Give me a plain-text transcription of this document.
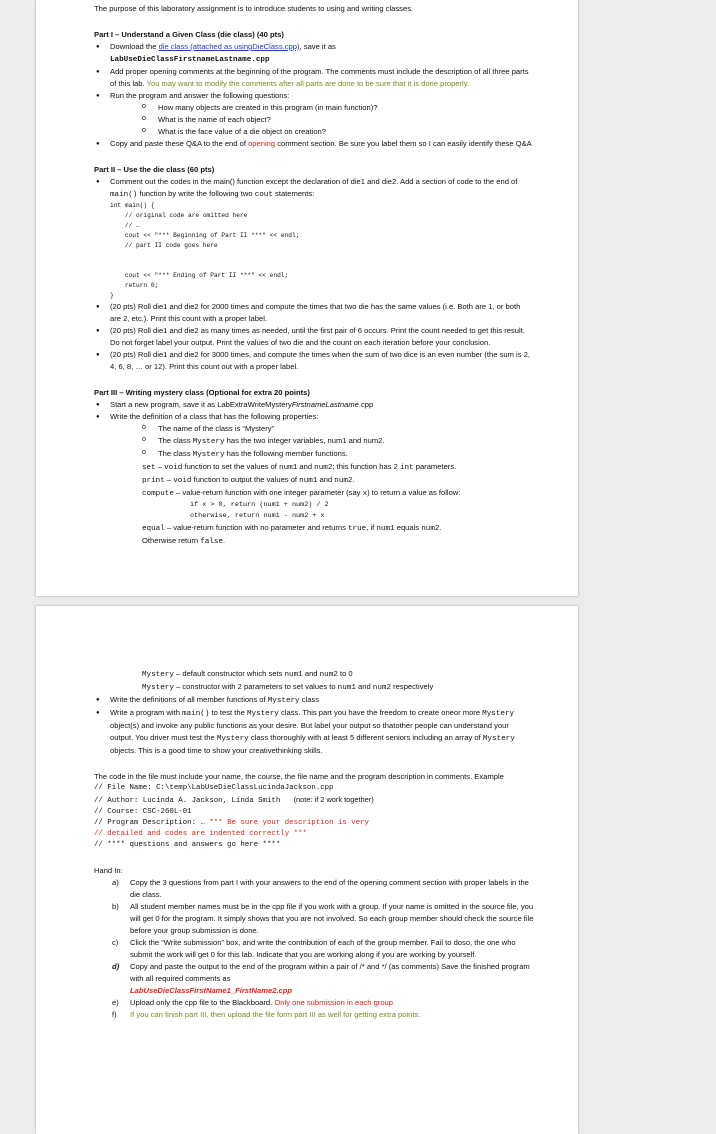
The purpose of this laboratory assignment is to introduce students to using and writing classes.

Part I – Understand a Given Class (die class) (40 pts)

● Download the die class (attached as usingDieClass.cpp), save it as
LabUseDieClassFirstnameLastname.cpp
● Add proper opening comments at the beginning of the program. The comments must include the description of all three parts of this lab. You may want to modify the comments after all parts are done to be sure that it is done properly.
● Run the program and answer the following questions:
o How many objects are created in this program (in main function)?
o What is the name of each object?
o What is the face value of a die object on creation?
● Copy and paste these Q&A to the end of opening comment section. Be sure you label them so I can easily identify these Q&A

Part II – Use the die class (60 pts)

● Comment out the codes in the main() function except the declaration of die1 and die2. Add a section of code to the end of main() function by write the following two cout statements:
int main() {
// original code are omitted here
// …
cout << "*** Beginning of Part II ***" << endl;
// part II code goes here
cout << "*** Ending of Part II ***" << endl;
return 0;
}
● (20 pts) Roll die1 and die2 for 2000 times and compute the times that two die has the same values (i.e. Both are 1, or both are 2, etc.). Print this count with a proper label.
● (20 pts) Roll die1 and die2 as many times as needed, until the first pair of 6 occurs. Print the count needed to get this result. Do not forget label your output. Print the values of two die and the count on each iteration before your conclusion.
● (20 pts) Roll die1 and die2 for 3000 times, and compute the times when the sum of two dice is an even number (the sum is 2, 4, 6, 8, … or 12). Print this count out with a proper label.

Part III – Writing mystery class (Optional for extra 20 points)

● Start a new program, save it as LabExtraWriteMysteryFirstnameLastname.cpp
● Write the definition of a class that has the following properties:
o The name of the class is “Mystery”
o The class Mystery has the two integer variables, num1 and num2.
o The class Mystery has the following member functions.
set – void function to set the values of num1 and num2; this function has 2 int parameters.
print – void function to output the values of num1 and num2.
compute – value-return function with one integer parameter (say x) to return a value as follow:
if x > 0, return (num1 + num2) / 2
otherwise, return num1 - num2 + x
equal – value-return function with no parameter and returns true, if num1 equals num2.
Otherwise return false.
Mystery – default constructor which sets num1 and num2 to 0
Mystery – constructor with 2 parameters to set values to num1 and num2 respectively
● Write the definitions of all member functions of Mystery class
● Write a program with main() to test the Mystery class. This part you have the freedom to create oneor more Mystery object(s) and invoke any public functions as your desire. But label your output so thatother people can understand your output. You driver must test the Mystery class thoroughly with at least 5 different seniors including an array of Mystery objects. This is a good time to show your creativethinking skills.

The code in the file must include your name, the course, the file name and the program description in comments. Example

// File Name: C:\temp\LabUseDieClassLucindaJackson.cpp
// Author: Lucinda A. Jackson, Linda Smith (note: if 2 work together)
// Course: CSC-260L-01
// Program Description: … *** Be sure your description is very
// detailed and codes are indented correctly ***
// **** questions and answers go here ****

Hand In:

a) Copy the 3 questions from part I with your answers to the end of the opening comment section with proper labels in the die class.
b) All student member names must be in the cpp file if you work with a group. If your name is omitted in the source file, you will get 0 for the program. It simply shows that you are not involved. So each group member should check the source file before your group submission is done.
c) Click the “Write submission” box, and write the contribution of each of the group member. Fail to doso, the one who submit the work will get 0 for this lab. Indicate that you are working along if you are working by yourself.
d) Copy and paste the output to the end of the program within a pair of /* and */ (as comments) Save the finished program with all required comments as
LabUseDieClassFirstName1_FirstName2.cpp
e) Upload only the cpp file to the Blackboard. Only one submission in each group.
f) If you can finish part III, then upload the file form part III as well for getting extra points.
